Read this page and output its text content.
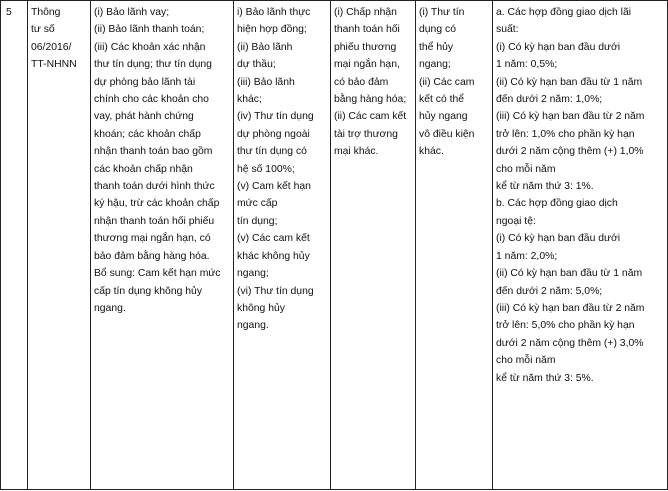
5	Thông
tư số
06/2016/
TT-NHNN	(i) Bảo lãnh vay;
(ii) Bảo lãnh thanh toán;
(iii) Các khoản xác nhận
thư tín dụng; thư tín dụng
dự phòng bảo lãnh tài
chính cho các khoản cho
vay, phát hành chứng
khoán; các khoản chấp
nhận thanh toán bao gồm
các khoản chấp nhận
thanh toán dưới hình thức
ký hậu, trừ các khoản chấp
nhận thanh toán hối phiếu
thương mại ngắn hạn, có
bảo đảm bằng hàng hóa.
Bổ sung: Cam kết hạn mức
cấp tín dụng không hủy
ngang.	i) Bảo lãnh thực
hiện hợp đồng;
(ii) Bảo lãnh
dự thầu;
(iii) Bảo lãnh
khác;
(iv) Thư tín dụng
dự phòng ngoài
thư tín dụng có
hệ số 100%;
(v) Cam kết hạn
mức cấp
tín dụng;
(v) Các cam kết
khác không hủy
ngang;
(vi) Thư tín dụng
không hủy
ngang.	(i) Chấp nhận
thanh toán hối
phiếu thương
mại ngắn hạn,
có bảo đảm
bằng hàng hóa;
(ii) Các cam kết
tài trợ thương
mại khác.	(i) Thư tín
dụng có
thể hủy
ngang;
(ii) Các cam
kết có thể
hủy ngang
vô điều kiện
khác.	a. Các hợp đồng giao dịch lãi
suất:
(i) Có kỳ hạn ban đầu dưới
1 năm: 0,5%;
(ii) Có kỳ hạn ban đầu từ 1 năm
đến dưới 2 năm: 1,0%;
(iii) Có kỳ hạn ban đầu từ 2 năm
trở lên: 1,0% cho phần kỳ hạn
dưới 2 năm cộng thêm (+) 1,0%
cho mỗi năm
kể từ năm thứ 3: 1%.
b. Các hợp đồng giao dịch
ngoại tệ:
(i) Có kỳ hạn ban đầu dưới
1 năm: 2,0%;
(ii) Có kỳ hạn ban đầu từ 1 năm
đến dưới 2 năm: 5,0%;
(iii) Có kỳ hạn ban đầu từ 2 năm
trở lên: 5,0% cho phần kỳ hạn
dưới 2 năm cộng thêm (+) 3,0%
cho mỗi năm
kể từ năm thứ 3: 5%.
